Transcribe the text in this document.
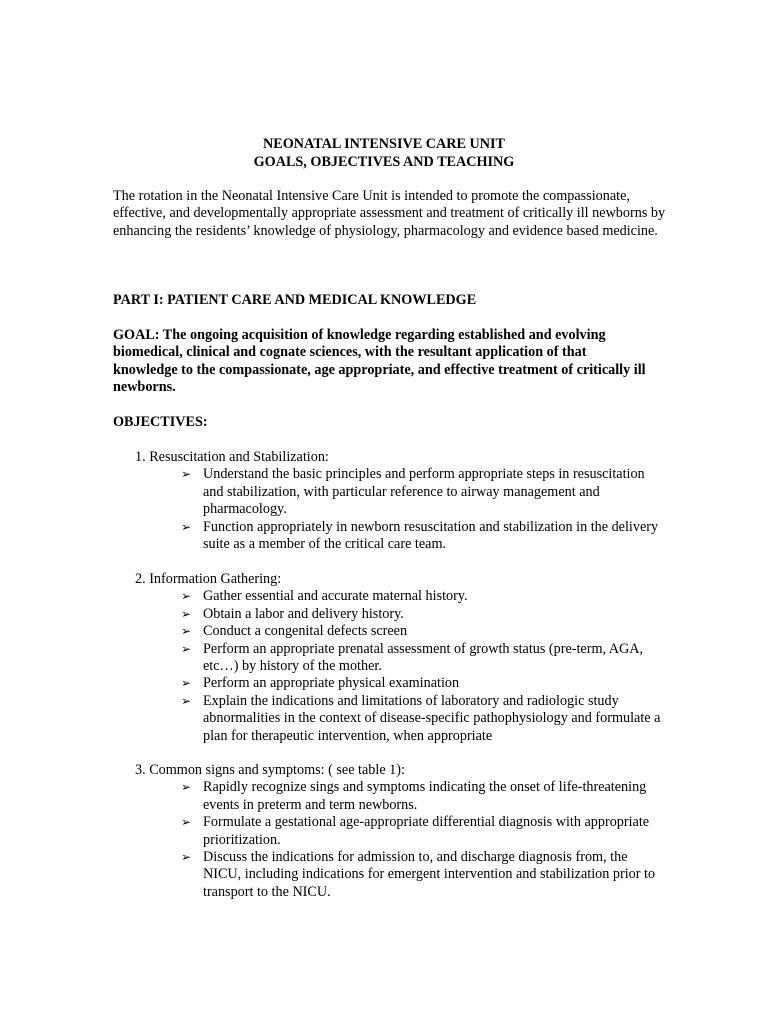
NEONATAL INTENSIVE CARE UNIT
GOALS, OBJECTIVES AND TEACHING
The rotation in the Neonatal Intensive Care Unit is intended to promote the compassionate, effective, and developmentally appropriate assessment and treatment of critically ill newborns by enhancing the residents’ knowledge of physiology, pharmacology and evidence based medicine.
PART I: PATIENT CARE AND MEDICAL KNOWLEDGE
GOAL: The ongoing acquisition of knowledge regarding established and evolving biomedical, clinical and cognate sciences, with the resultant application of that knowledge to the compassionate, age appropriate, and effective treatment of critically ill newborns.
OBJECTIVES:
1. Resuscitation and Stabilization:
➢ Understand the basic principles and perform appropriate steps in resuscitation and stabilization, with particular reference to airway management and pharmacology.
➢ Function appropriately in newborn resuscitation and stabilization in the delivery suite as a member of the critical care team.
2. Information Gathering:
➢ Gather essential and accurate maternal history.
➢ Obtain a labor and delivery history.
➢ Conduct a congenital defects screen
➢ Perform an appropriate prenatal assessment of growth status (pre-term, AGA, etc…) by history of the mother.
➢ Perform an appropriate physical examination
➢ Explain the indications and limitations of laboratory and radiologic study abnormalities in the context of disease-specific pathophysiology and formulate a plan for therapeutic intervention, when appropriate
3. Common signs and symptoms: ( see table 1):
➢ Rapidly recognize sings and symptoms indicating the onset of life-threatening events in preterm and term newborns.
➢ Formulate a gestational age-appropriate differential diagnosis with appropriate prioritization.
➢ Discuss the indications for admission to, and discharge diagnosis from, the NICU, including indications for emergent intervention and stabilization prior to transport to the NICU.
